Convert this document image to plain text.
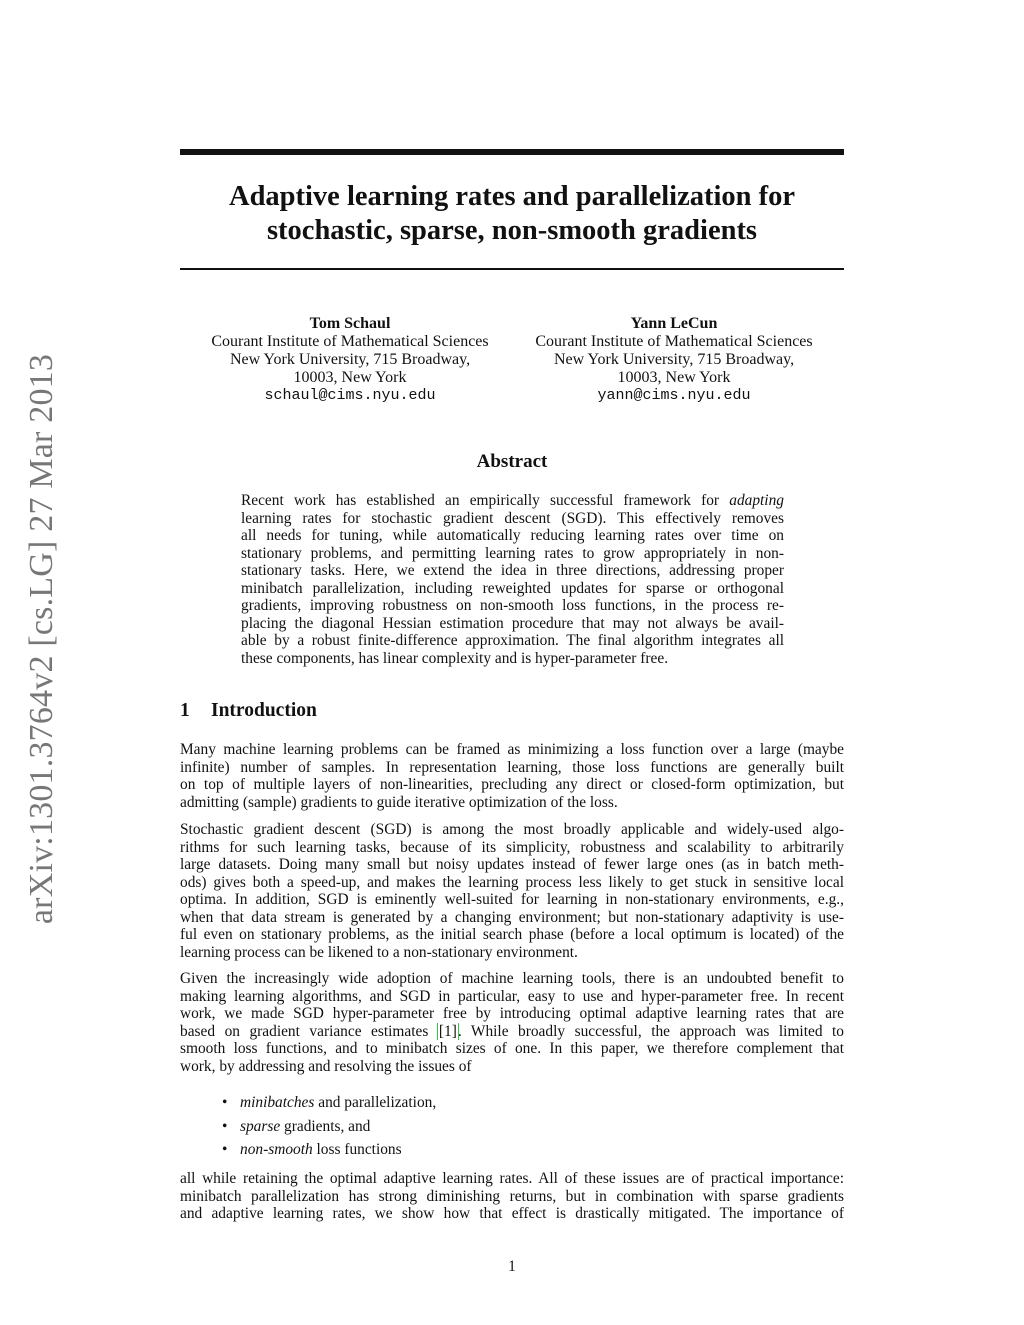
arXiv:1301.3764v2 [cs.LG] 27 Mar 2013
Adaptive learning rates and parallelization for
stochastic, sparse, non-smooth gradients
Tom Schaul
Courant Institute of Mathematical Sciences
New York University, 715 Broadway,
10003, New York
schaul@cims.nyu.edu
Yann LeCun
Courant Institute of Mathematical Sciences
New York University, 715 Broadway,
10003, New York
yann@cims.nyu.edu
Abstract
Recent work has established an empirically successful framework for adapting
learning rates for stochastic gradient descent (SGD). This effectively removes
all needs for tuning, while automatically reducing learning rates over time on
stationary problems, and permitting learning rates to grow appropriately in non-
stationary tasks. Here, we extend the idea in three directions, addressing proper
minibatch parallelization, including reweighted updates for sparse or orthogonal
gradients, improving robustness on non-smooth loss functions, in the process re-
placing the diagonal Hessian estimation procedure that may not always be avail-
able by a robust finite-difference approximation. The final algorithm integrates all
these components, has linear complexity and is hyper-parameter free.
1 Introduction
Many machine learning problems can be framed as minimizing a loss function over a large (maybe
infinite) number of samples. In representation learning, those loss functions are generally built
on top of multiple layers of non-linearities, precluding any direct or closed-form optimization, but
admitting (sample) gradients to guide iterative optimization of the loss.
Stochastic gradient descent (SGD) is among the most broadly applicable and widely-used algo-
rithms for such learning tasks, because of its simplicity, robustness and scalability to arbitrarily
large datasets. Doing many small but noisy updates instead of fewer large ones (as in batch meth-
ods) gives both a speed-up, and makes the learning process less likely to get stuck in sensitive local
optima. In addition, SGD is eminently well-suited for learning in non-stationary environments, e.g.,
when that data stream is generated by a changing environment; but non-stationary adaptivity is use-
ful even on stationary problems, as the initial search phase (before a local optimum is located) of the
learning process can be likened to a non-stationary environment.
Given the increasingly wide adoption of machine learning tools, there is an undoubted benefit to
making learning algorithms, and SGD in particular, easy to use and hyper-parameter free. In recent
work, we made SGD hyper-parameter free by introducing optimal adaptive learning rates that are
based on gradient variance estimates [1]. While broadly successful, the approach was limited to
smooth loss functions, and to minibatch sizes of one. In this paper, we therefore complement that
work, by addressing and resolving the issues of
• minibatches and parallelization,
• sparse gradients, and
• non-smooth loss functions
all while retaining the optimal adaptive learning rates. All of these issues are of practical importance:
minibatch parallelization has strong diminishing returns, but in combination with sparse gradients
and adaptive learning rates, we show how that effect is drastically mitigated. The importance of
1
